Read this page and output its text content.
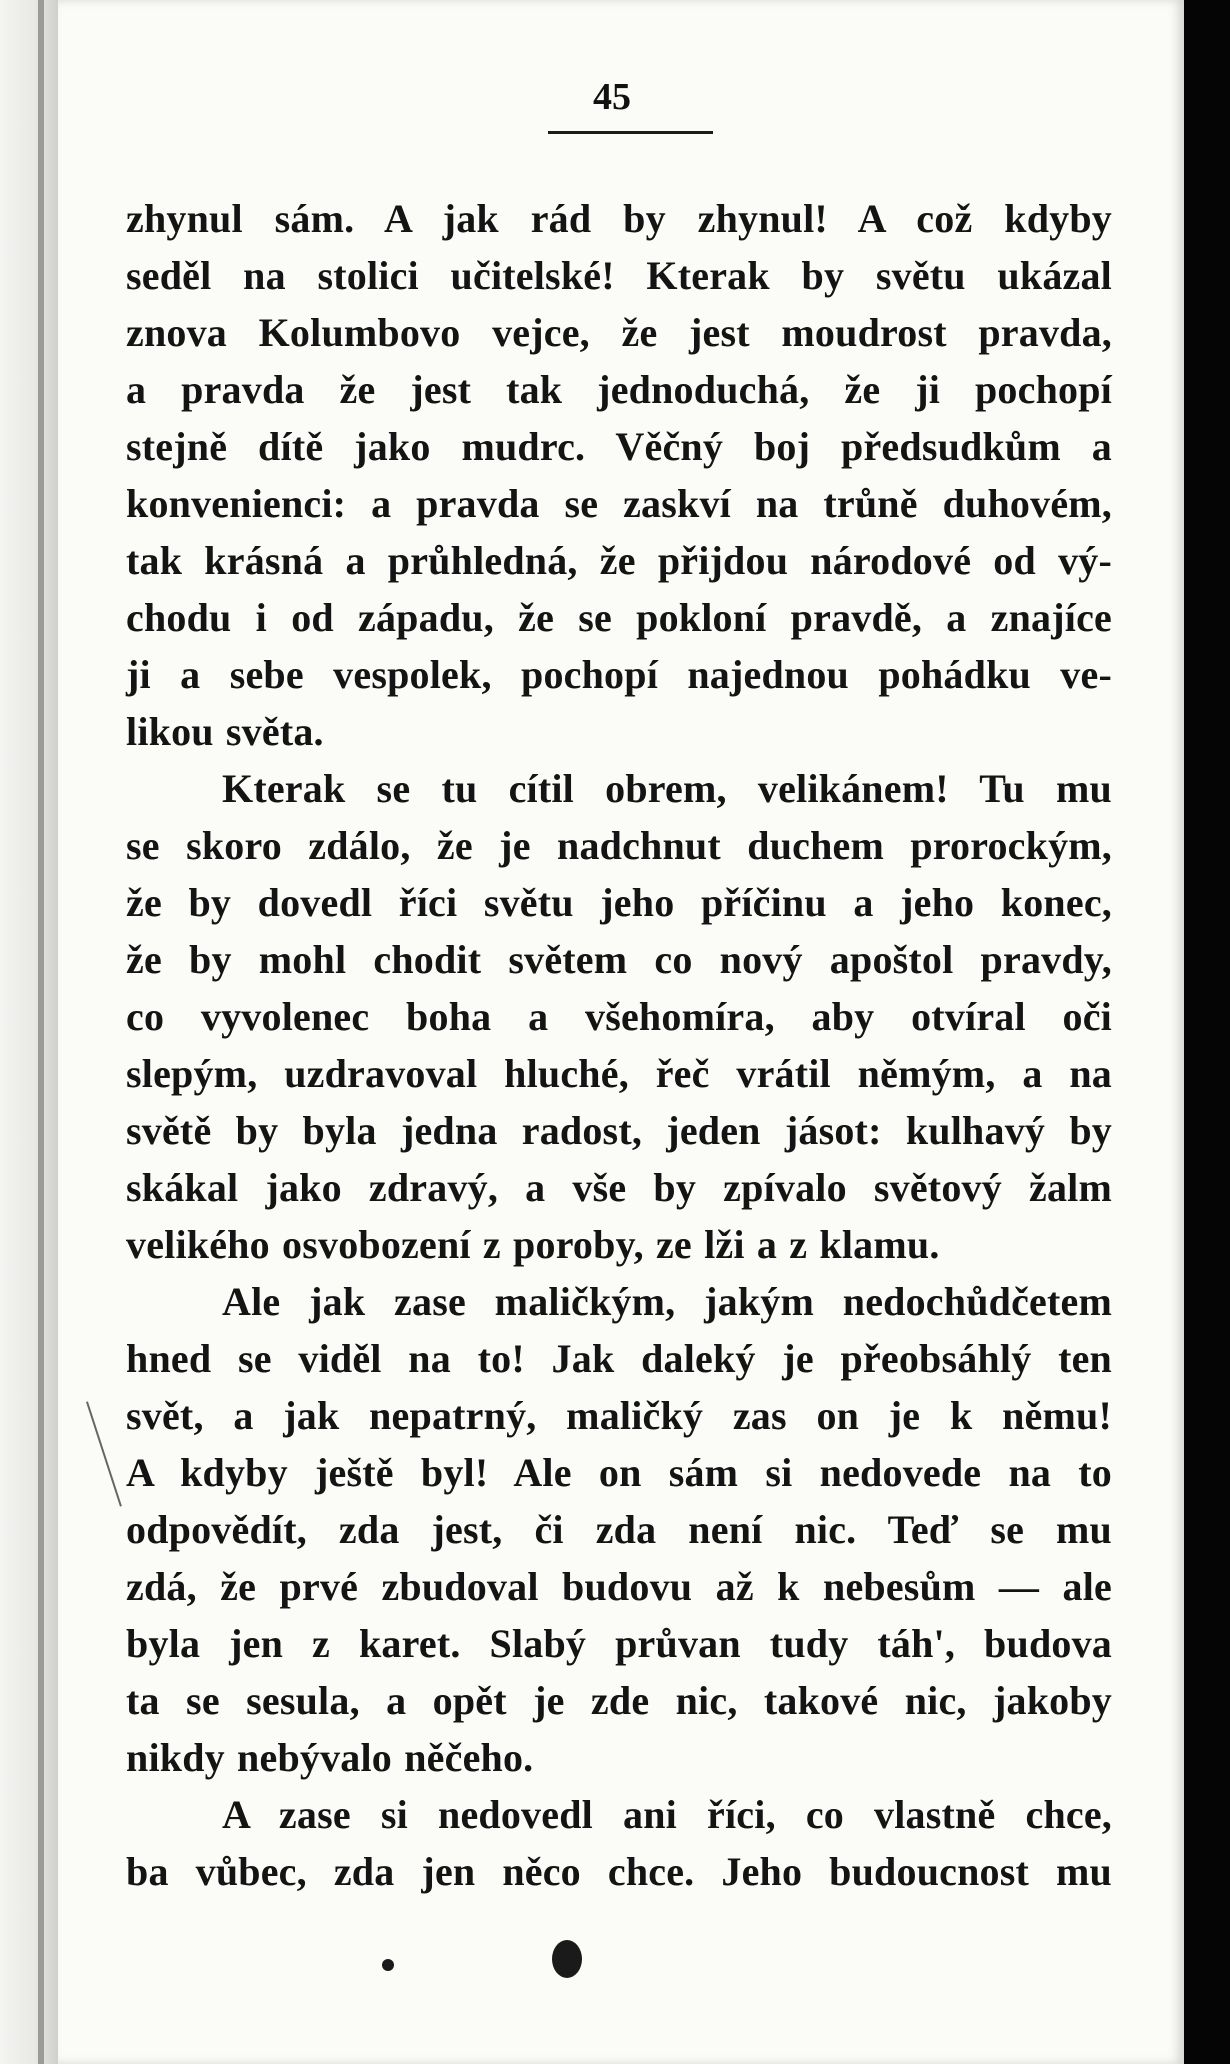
45
zhynul sám. A jak rád by zhynul! A což kdyby
seděl na stolici učitelské! Kterak by světu ukázal
znova Kolumbovo vejce, že jest moudrost pravda,
a pravda že jest tak jednoduchá, že ji pochopí
stejně dítě jako mudrc. Věčný boj předsudkům a
konvenienci: a pravda se zaskví na trůně duhovém,
tak krásná a průhledná, že přijdou národové od vý-
chodu i od západu, že se pokloní pravdě, a znajíce
ji a sebe vespolek, pochopí najednou pohádku ve-
likou světa.
Kterak se tu cítil obrem, velikánem! Tu mu
se skoro zdálo, že je nadchnut duchem prorockým,
že by dovedl říci světu jeho příčinu a jeho konec,
že by mohl chodit světem co nový apoštol pravdy,
co vyvolenec boha a všehomíra, aby otvíral oči
slepým, uzdravoval hluché, řeč vrátil němým, a na
světě by byla jedna radost, jeden jásot: kulhavý by
skákal jako zdravý, a vše by zpívalo světový žalm
velikého osvobození z poroby, ze lži a z klamu.
Ale jak zase maličkým, jakým nedochůdčetem
hned se viděl na to! Jak daleký je přeobsáhlý ten
svět, a jak nepatrný, maličký zas on je k němu!
A kdyby ještě byl! Ale on sám si nedovede na to
odpovědít, zda jest, či zda není nic. Teď se mu
zdá, že prvé zbudoval budovu až k nebesům — ale
byla jen z karet. Slabý průvan tudy táh', budova
ta se sesula, a opět je zde nic, takové nic, jakoby
nikdy nebývalo něčeho.
A zase si nedovedl ani říci, co vlastně chce,
ba vůbec, zda jen něco chce. Jeho budoucnost mu
